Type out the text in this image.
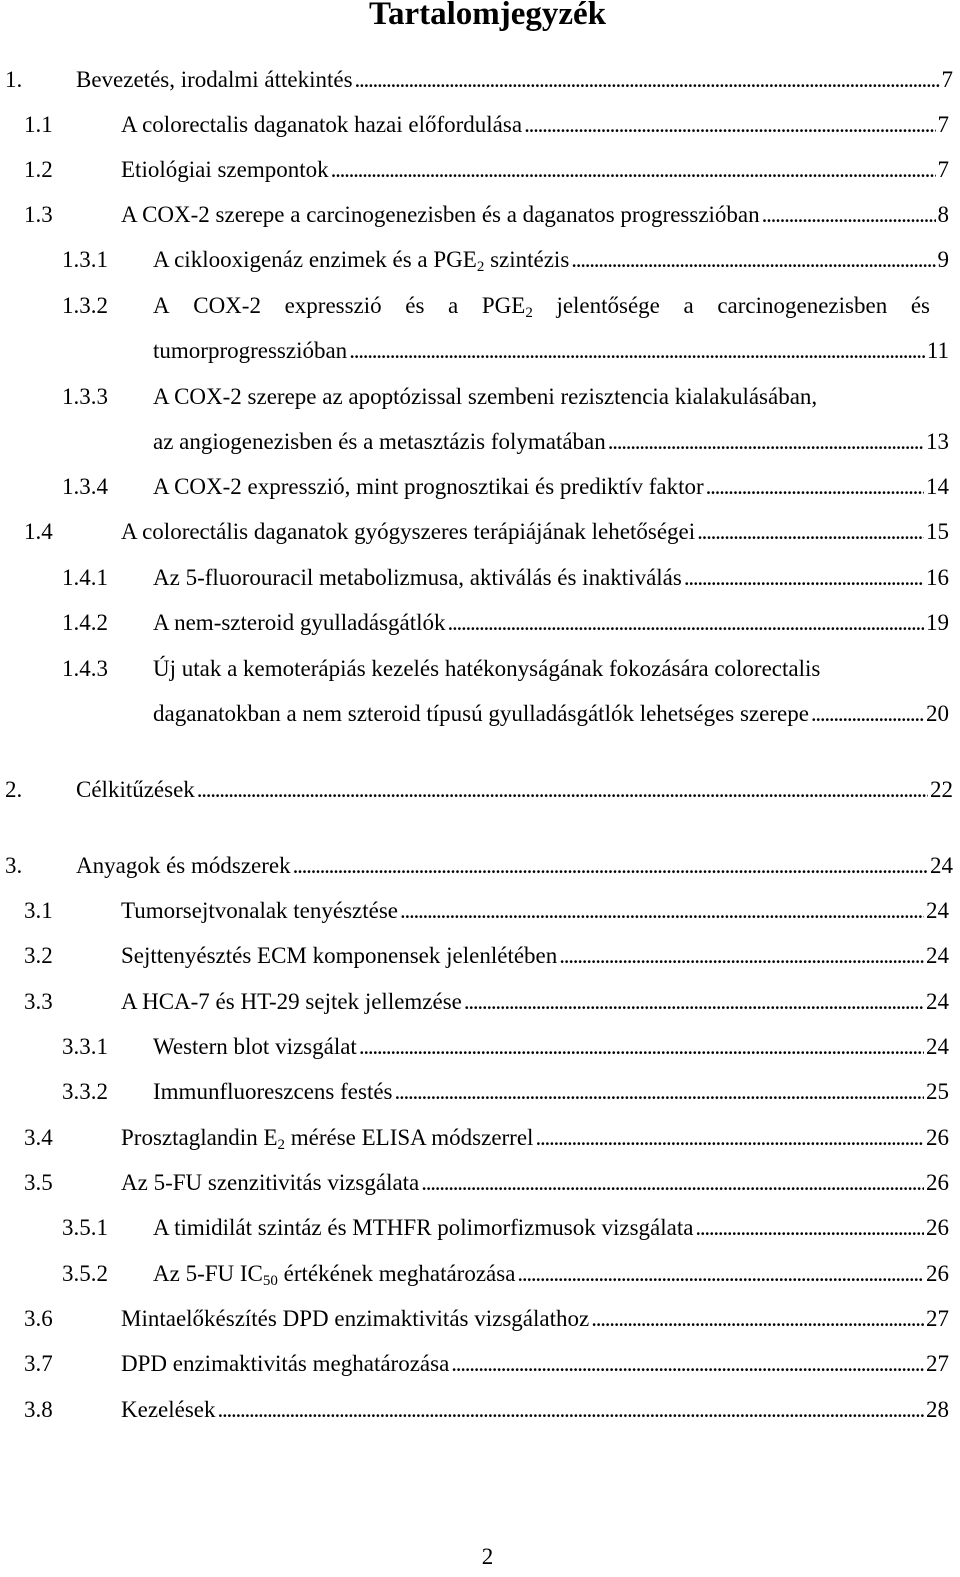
Tartalomjegyzék
1. Bevezetés, irodalmi áttekintés . . .	7
1.1	A colorectalis daganatok hazai előfordulása . . .	7
1.2	Etiológiai szempontok . . .	7
1.3	A COX-2 szerepe a carcinogenezisben és a daganatos progresszióban . . .	8
1.3.1 A ciklooxigenáz enzimek és a PGE2 szintézis . . .	9
1.3.2 A COX-2 expresszió és a PGE2 jelentősége a carcinogenezisben és
tumorprogresszióban . . .	11
1.3.3 A COX-2 szerepe az apoptózissal szembeni rezisztencia kialakulásában,
az angiogenezisben és a metasztázis folymatában . . .	13
1.3.4 A COX-2 expresszió, mint prognosztikai és prediktív faktor . . .	14
1.4	A colorectális daganatok gyógyszeres terápiájának lehetőségei . . .	15
1.4.1 Az 5-fluorouracil metabolizmusa, aktiválás és inaktiválás . . .	16
1.4.2 A nem-szteroid gyulladásgátlók . . .	19
1.4.3 Új utak a kemoterápiás kezelés hatékonyságának fokozására colorectalis
daganatokban a nem szteroid típusú gyulladásgátlók lehetséges szerepe . . .	20
2. Célkitűzések . . .	22
3. Anyagok és módszerek . . .	24
3.1	Tumorsejtvonalak tenyésztése . . .	24
3.2	Sejttenyésztés ECM komponensek jelenlétében . . .	24
3.3	A HCA-7 és HT-29 sejtek jellemzése . . .	24
3.3.1 Western blot vizsgálat . . .	24
3.3.2 Immunfluoreszcens festés . . .	25
3.4	Prosztaglandin E2 mérése ELISA módszerrel . . .	26
3.5	Az 5-FU szenzitivitás vizsgálata . . .	26
3.5.1 A timidilát szintáz és MTHFR polimorfizmusok vizsgálata . . .	26
3.5.2 Az 5-FU IC50 értékének meghatározása . . .	26
3.6	Mintaelőkészítés DPD enzimaktivitás vizsgálathoz . . .	27
3.7	DPD enzimaktivitás meghatározása . . .	27
3.8	Kezelések . . .	28
2
